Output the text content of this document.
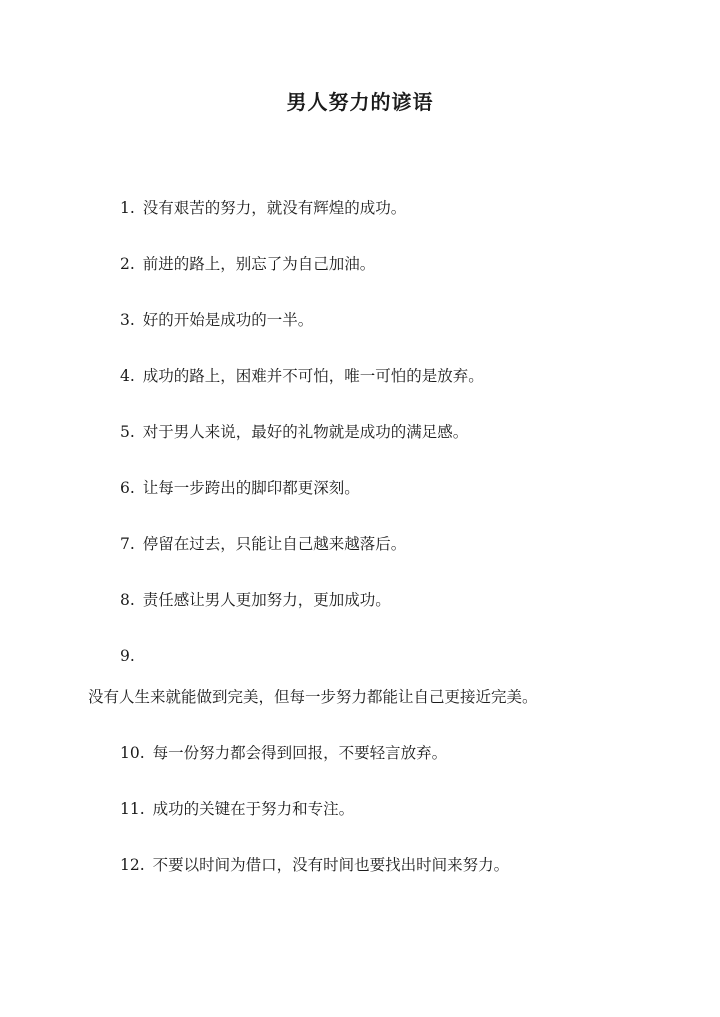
男人努力的谚语
1. 没有艰苦的努力，就没有辉煌的成功。
2. 前进的路上，别忘了为自己加油。
3. 好的开始是成功的一半。
4. 成功的路上，困难并不可怕，唯一可怕的是放弃。
5. 对于男人来说，最好的礼物就是成功的满足感。
6. 让每一步跨出的脚印都更深刻。
7. 停留在过去，只能让自己越来越落后。
8. 责任感让男人更加努力，更加成功。
9.
没有人生来就能做到完美，但每一步努力都能让自己更接近完美。
10. 每一份努力都会得到回报，不要轻言放弃。
11. 成功的关键在于努力和专注。
12. 不要以时间为借口，没有时间也要找出时间来努力。
